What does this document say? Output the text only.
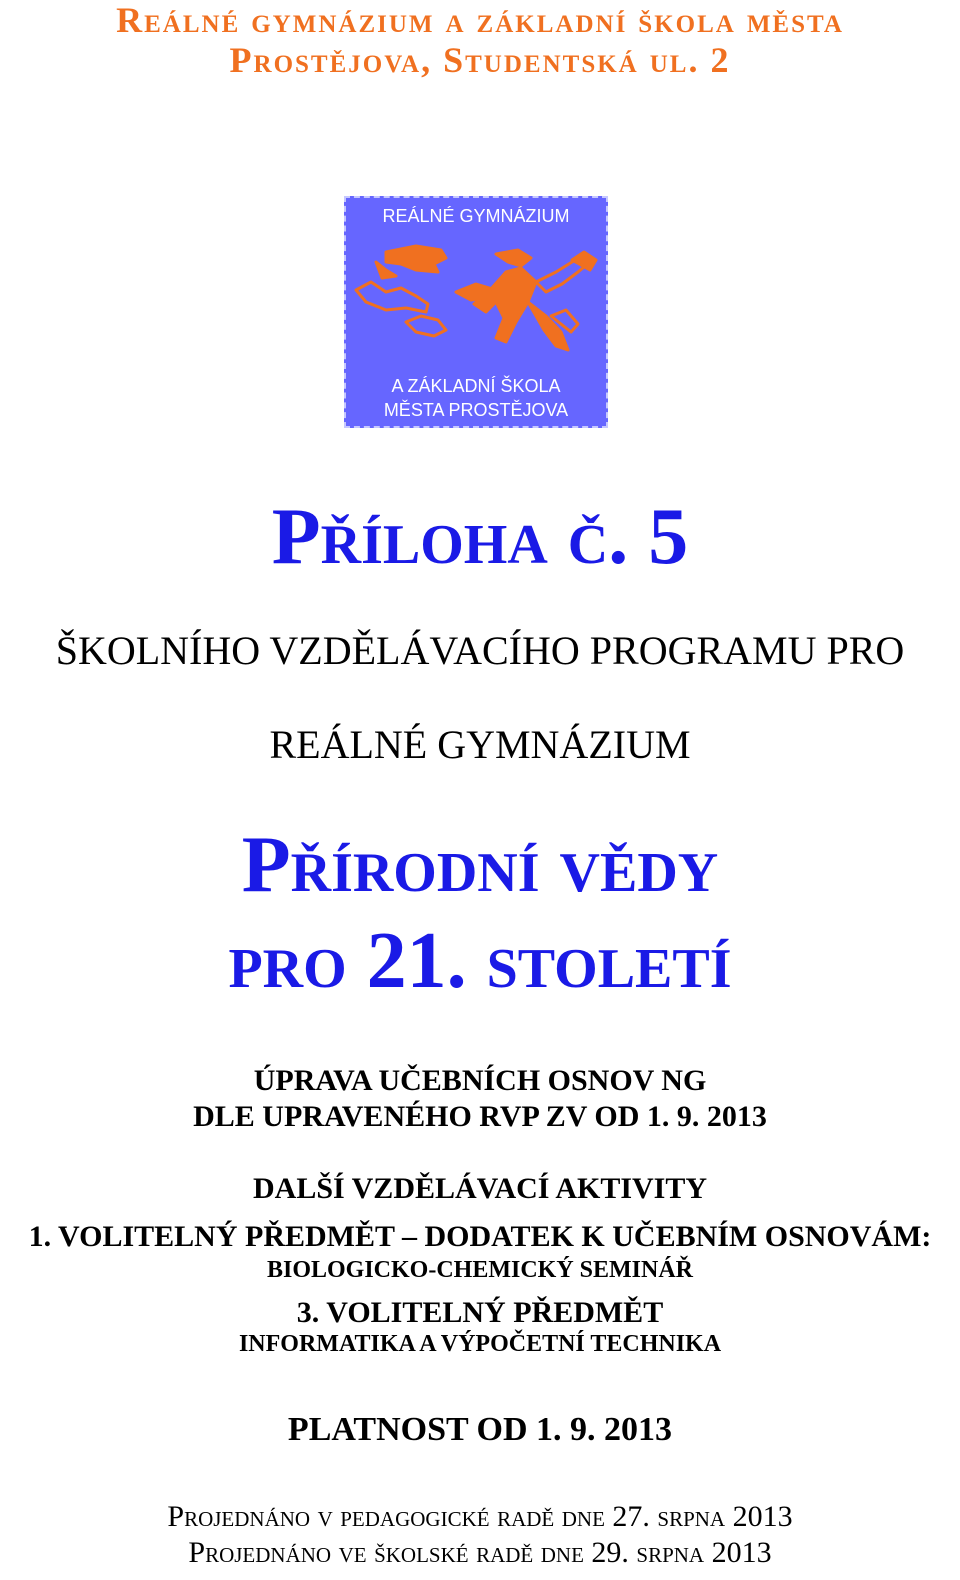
Reálné gymnázium a základní škola města
Prostějova, Studentská ul. 2
REÁLNÉ GYMNÁZIUM
A ZÁKLADNÍ ŠKOLA
MĚSTA PROSTĚJOVA
Příloha č. 5
ŠKOLNÍHO VZDĚLÁVACÍHO PROGRAMU PRO
REÁLNÉ GYMNÁZIUM
Přírodní vědy
pro 21. století
ÚPRAVA UČEBNÍCH OSNOV NG
DLE UPRAVENÉHO RVP ZV OD 1. 9. 2013
DALŠÍ VZDĚLÁVACÍ AKTIVITY
1. VOLITELNÝ PŘEDMĚT – DODATEK K UČEBNÍM OSNOVÁM:
BIOLOGICKO-CHEMICKÝ SEMINÁŘ
3. VOLITELNÝ PŘEDMĚT
INFORMATIKA A VÝPOČETNÍ TECHNIKA
PLATNOST OD 1. 9. 2013
Projednáno v pedagogické radě dne 27. srpna 2013
Projednáno ve školské radě dne 29. srpna 2013
